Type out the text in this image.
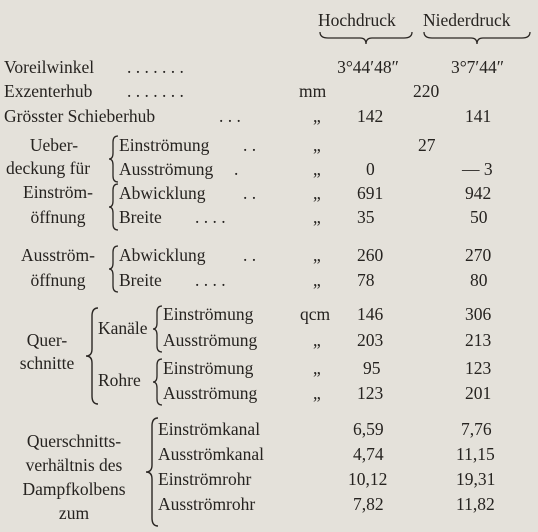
Hochdruck Niederdruck
Voreilwinkel . . . . . . .	3°44′48″	3°7′44″
Exzenterhub . . . . . . .	mm	220
Grösster Schieberhub	. . .	„ 142	141
Ueber-
deckung für
Einströmung . .	„	27
Ausströmung .	„	0	— 3
Einström-
öffnung
Abwicklung . .	„ 691	942
Breite . . . .	„ 35	50
Ausström-
öffnung
Abwicklung . .	„ 260	270
Breite . . . .	„ 78	80
Quer-
schnitte
Kanäle
Einströmung	qcm 146	306
Ausströmung	„ 203	213
Rohre
Einströmung	„ 95	123
Ausströmung	„ 123	201
Querschnitts-
verhältnis des
Dampfkolbens
zum
Einströmkanal	6,59	7,76
Ausströmkanal	4,74	11,15
Einströmrohr	10,12	19,31
Ausströmrohr	7,82	11,82
